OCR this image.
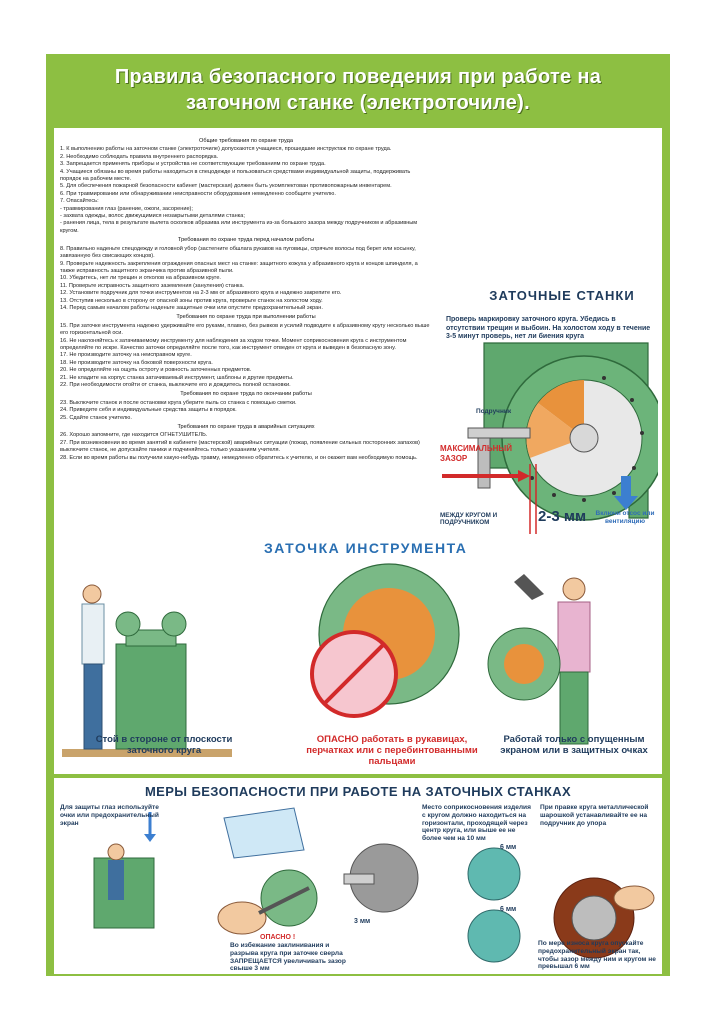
Правила безопасного поведения при работе на заточном станке (электроточиле).
Общие требования по охране труда
1. К выполнению работы на заточном станке (электроточиле) допускаются учащиеся, прошедшие инструктаж по охране труда.
2. Необходимо соблюдать правила внутреннего распорядка.
3. Запрещается применять приборы и устройства не соответствующие требованиям по охране труда.
4. Учащиеся обязаны во время работы находиться в спецодежде и пользоваться средствами индивидуальной защиты, поддерживать порядок на рабочем месте.
5. Для обеспечения пожарной безопасности кабинет (мастерская) должен быть укомплектован противопожарным инвентарем.
6. При травмировании или обнаруживании неисправности оборудования немедленно сообщите учителю.
7. Опасайтесь:
- травмирования глаз (ранение, ожоги, засорение);
- захвата одежды, волос движущимися незакрытыми деталями станка;
- ранения лица, тела в результате вылета осколков абразива или инструмента из-за большого зазора между подручником и абразивным кругом.
Требования по охране труда перед началом работы
8. Правильно наденьте спецодежду и головной убор (застегните обшлага рукавов на пуговицы, спрячьте волосы под берет или косынку, завязанную без свисающих концов).
9. Проверьте надежность закрепления ограждения опасных мест на станке: защитного кожуха у абразивного круга и концов шпинделя, а также исправность защитного экранчика против абразивной пыли.
10. Убедитесь, нет ли трещин и отколов на абразивном круге.
11. Проверьте исправность защитного заземления (зануления) станка.
12. Установите подручник для точки инструментов на 2-3 мм от абразивного круга и надежно закрепите его.
13. Отступив несколько в сторону от опасной зоны против круга, проверьте станок на холостом ходу.
14. Перед самым началом работы наденьте защитные очки или опустите предохранительный экран.
Требования по охране труда при выполнении работы
15. При заточке инструмента надежно удерживайте его руками, плавно, без рывков и усилий подводите к абразивному кругу несколько выше его горизонтальной оси.
16. Не наклоняйтесь к затачиваемому инструменту для наблюдения за ходом точки. Момент соприкосновения круга с инструментом определяйте по искре. Качество заточки определяйте после того, как инструмент отведен от круга и выведен в безопасную зону.
17. Не производите заточку на неисправном круге.
18. Не производите заточку на боковой поверхности круга.
20. Не определяйте на ощупь остроту и ровность заточенных предметов.
21. Не кладите на корпус станка затачиваемый инструмент, шаблоны и другие предметы.
22. При необходимости отойти от станка, выключите его и дождитесь полной остановки.
Требования по охране труда по окончании работы
23. Выключите станок и после остановки круга уберите пыль со станка с помощью сметки.
24. Приведите себя и индивидуальные средства защиты в порядок.
25. Сдайте станок учителю.
Требования по охране труда в аварийных ситуациях
26. Хорошо запомните, где находится ОГНЕТУШИТЕЛЬ.
27. При возникновении во время занятий в кабинете (мастерской) аварийных ситуации (пожар, появление сильных посторонних запахов) выключите станок, не допускайте паники и подчиняйтесь только указаниям учителя.
28. Если во время работы вы получили какую-нибудь травму, немедленно обратитесь к учителю, и он окажет вам необходимую помощь.
ЗАТОЧНЫЕ СТАНКИ
Проверь маркировку заточного круга. Убедись в отсутствии трещин и выбоин. На холостом ходу в течение 3-5 минут проверь, нет ли биения круга
Подручник
МАКСИМАЛЬНЫЙ ЗАЗОР
МЕЖДУ КРУГОМ И ПОДРУЧНИКОМ	2-3 мм Включи отсос или вентиляцию
ЗАТОЧКА ИНСТРУМЕНТА
Стой в стороне от плоскости заточного круга
ОПАСНО работать в рукавицах, перчатках или с перебинтованными пальцами
Работай только с опущенным экраном или в защитных очках
МЕРЫ БЕЗОПАСНОСТИ ПРИ РАБОТЕ НА ЗАТОЧНЫХ СТАНКАХ
Для защиты глаз используйте очки или предохранительный экран
ОПАСНО !
Во избежание заклинивания и разрыва круга при заточке сверла ЗАПРЕЩАЕТСЯ увеличивать зазор свыше 3 мм
3 мм
Место соприкосновения изделия с кругом должно находиться на горизонтали, проходящей через центр круга, или выше ее не более чем на 10 мм
6 мм
6 мм
При правке круга металлической шарошкой устанавливайте ее на подручник до упора
По мере износа круга опускайте предохранительный экран так, чтобы зазор между ним и кругом не превышал 6 мм
